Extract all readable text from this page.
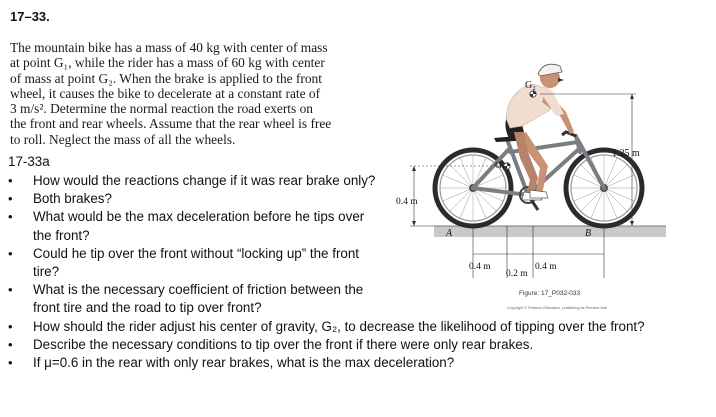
17–33.
The mountain bike has a mass of 40 kg with center of mass
at point G₁, while the rider has a mass of 60 kg with center
of mass at point G₂. When the brake is applied to the front
wheel, it causes the bike to decelerate at a constant rate of
3 m/s². Determine the normal reaction the road exerts on
the front and rear wheels. Assume that the rear wheel is free
to roll. Neglect the mass of all the wheels.
17-33a
• How would the reactions change if it was rear brake only?
• Both brakes?
• What would be the max deceleration before he tips over the front?
• Could he tip over the front without “locking up” the front tire?
• What is the necessary coefficient of friction between the front tire and the road to tip over front?
• How should the rider adjust his center of gravity, G₂, to decrease the likelihood of tipping over the front?
• Describe the necessary conditions to tip over the front if there were only rear brakes.
• If μ=0.6 in the rear with only rear brakes, what is the max deceleration?
G₂
G₁
A	B
0.4 m
1.25 m
0.4 m
0.2 m
0.4 m
Figure: 17_P032-033
Copyright © Pearson Education, publishing as Prentice Hall
